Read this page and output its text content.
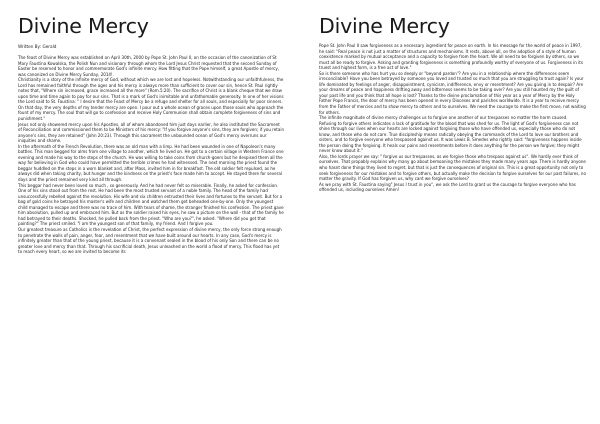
Divine Mercy
Written By: Gerald

The feast of Divine Mercy was established on April 30th, 2000 by Pope St. John Paul II, on the occasion of the canonization of St Mary Faustina Kowalska, the Polish Nun and visionary through whom the Lord Jesus Christ requested that the second Sunday of Easter be reserved to honor and commemorate God's infinite mercy. How fitting that the Pope himself, a great Apostle of mercy, was canonized on Divine Mercy Sunday, 2014!.

Christianity is a story of the infinite mercy of God, without which we are lost and hopeless. Notwithstanding our unfaithfulness, the Lord has remained faithful through the ages and his mercy is always more than sufficient to cover our sin, hence St. Paul rightly notes that, "Where sin increased, grace increased all the more" (Rom.5:20). The sacrifice of Christ is a blank cheque that we draw upon time and time again to pay for our sins. That is a mark of God's inimitable and unfathomable generosity. In one of her visions the Lord said to St. Faustina: " I desire that the Feast of Mercy be a refuge and shelter for all souls, and especially for poor sinners. On that day, the very depths of my tender mercy are open. I pour out a whole ocean of graces upon those souls who approach the fount of my mercy. The soul that will go to confession and receive Holy Communion shall obtain complete forgiveness of sins and punishment."

Jesus not only showered mercy upon his Apostles, all of whom abandoned him just days earlier, he also instituted the Sacrament of Reconciliation and commissioned them to be Ministers of his mercy: "If you forgive anyone's sins, they are forgiven; if you retain anyone's sins, they are retained" (John 20:23). Through this sacrament the unbounded ocean of God's mercy overruns our iniquities and shame.

In the aftermath of the French Revolution, there was an old man with a limp. He had been wounded in one of Napoleon's many battles. This man begged for alms from one village to another, which he lived on. He got to a certain village in Western France one evening and made his way to the steps of the church. He was willing to take coins from church-goers but he despised them all the way for believing in God who could have permitted the terrible crimes he had witnessed. The next morning the priest found the beggar huddled on the steps in a worn blanket and, after Mass, invited him in for breakfast. The old soldier felt repulsed, as he always did when taking charity, but hunger and the kindness on the priest's face made him to accept. He stayed there for several days and the priest remained very kind all through.

This beggar had never been loved so much , so generously. And he had never felt so miserable. Finally, he asked for confession. One of his sins stood out from the rest. He had been the most trusted servant of a noble family. The head of the family had unsuccessfully rebelled against the revolution. His wife and six children entrusted their lives and fortunes to the servant. But for a bag of gold coins he betrayed his master's wife and children and watched them get beheaded one-by-one. Only the youngest child managed to escape and there was no trace of him. With tears of shame, the stranger finished his confession. The priest gave him absolution, pulled up and embraced him. But as the soldier raised his eyes, he saw a picture on the wall - that of the family he had betrayed to their deaths. Shocked, he pulled back from the priest. "Who are you?", he asked. "Where did you get that painting?" The priest smiled. "I am the youngest son of that family, my friend. And I forgive you.

Our greatest treasure as Catholics is the revelation of Christ, the perfect expression of divine mercy, the only force strong enough to penetrate the walls of pain, anger, fear, and resentment that we have built around our hearts. In any case, God's mercy is infinitely greater than that of the young priest, because it is a convenant sealed in the blood of his only Son and there can be no greater love and mercy than that. Through his sacrificial death, Jesus unleashed on the world a flood of mercy. This flood has yet to reach every heart, so we are invited to become its

Divine Mercy

Pope St. John Paul II saw forgiveness as a necessary ingredient for peace on earth. In his message for the world of peace in 1997, he said: "Real peace is not just a matter of structures and mechanisms. It rests, above all, on the adoption of a style of human coexistence marked by mutual acceptance and a capacity to forgive from the heart. We all need to be forgiven by others, so we must all be ready to forgive. Asking and granting forgiveness is something profoundly worthy of everyone of us. Forgiveness in its truest and highest form, is a free act of love."

So is there someone who has hurt you so deeply or "beyond pardon"? Are you in a relationship where the differences seem irreconcilable? Have you been betrayed by someone you loved and trusted so much that you are struggling to trust again? Is your life dominated by feelings of anger, disappointment, cynicism, indifference, envy or resentment? Are you giving in to despair? Are your dreams of peace and happiness drifting away and bitterness seems to be taking over? Are you still haunted my the guilt of your past life and you think that all hope is lost? Thanks to the divine proclamation of this year as a year of Mercy by the Holy Father Pope Francis, the door of mercy has been opened in every Dioceses and parishes worldwide. It is a year to receive mercy from the Father of mercies and to show mercy to others and to ourselves. We need the courage to make the first move, not waiting for others.

The infinite magnitude of divine mercy challenges us to forgive one another of our trespasses no matter the harm caused. Refusing to forgive others indicates a lack of gratitude for the blood that was shed for us. The light of God's forgiveness can not shine through our lives when our hearts are locked against forgiving those who have offended us, especially those who do not know, and those who do not care. True discipleship means radically obeying the commands of the Lord to love our brothers and sisters, and to forgive everyone who trespassed against us. It was Lewis B. Smedes who rightly said: "forgiveness happens inside the person doing the forgiving. It heals our pains and resentments before it does anything for the person we forgive; they might never know about it."

Also, the lords prayer we say: " forgive us our trespasses, as we forgive those who trespass against us". We hardly ever think of ourselves. That propably explains why many go about bemoaning the mistakes they made many years ago. There is hardly anyone who hasnt done things they lived to regret, but that is just the consequences of original sin. This is a great opportunity not only to seek forgiveness for our mistakes and to forgive others, but actually make the decision to forgive ourselves for our past failures, no matter the gravity. If God has forgiven us, why cant we forgive ourselves?

As we pray with St. Faustina saying" Jesus I trust in you", we ask the Lord to grant us the courage to forgive everyone who has offended us, including ourselves Amen!
